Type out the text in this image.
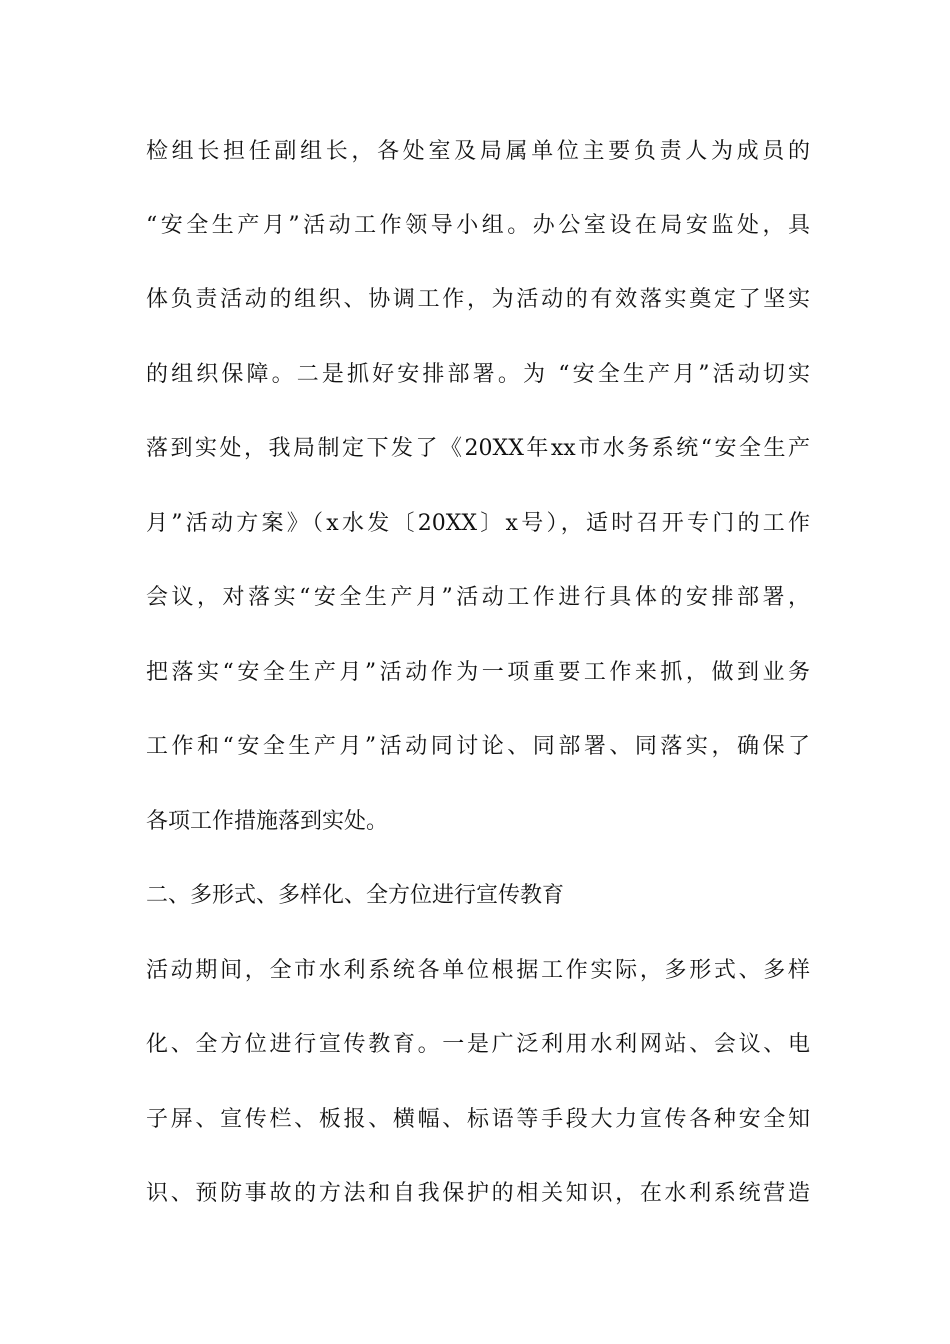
检组长担任副组长，各处室及局属单位主要负责人为成员的
“安全生产月”活动工作领导小组。办公室设在局安监处，具
体负责活动的组织、协调工作，为活动的有效落实奠定了坚实
的组织保障。二是抓好安排部署。为 “安全生产月”活动切实
落到实处，我局制定下发了《20XX年xx市水务系统“安全生产
月”活动方案》（x水发〔20XX〕x号），适时召开专门的工作
会议，对落实“安全生产月”活动工作进行具体的安排部署，
把落实“安全生产月”活动作为一项重要工作来抓，做到业务
工作和“安全生产月”活动同讨论、同部署、同落实，确保了
各项工作措施落到实处。
二、多形式、多样化、全方位进行宣传教育
活动期间，全市水利系统各单位根据工作实际，多形式、多样
化、全方位进行宣传教育。一是广泛利用水利网站、会议、电
子屏、宣传栏、板报、横幅、标语等手段大力宣传各种安全知
识、预防事故的方法和自我保护的相关知识，在水利系统营造
